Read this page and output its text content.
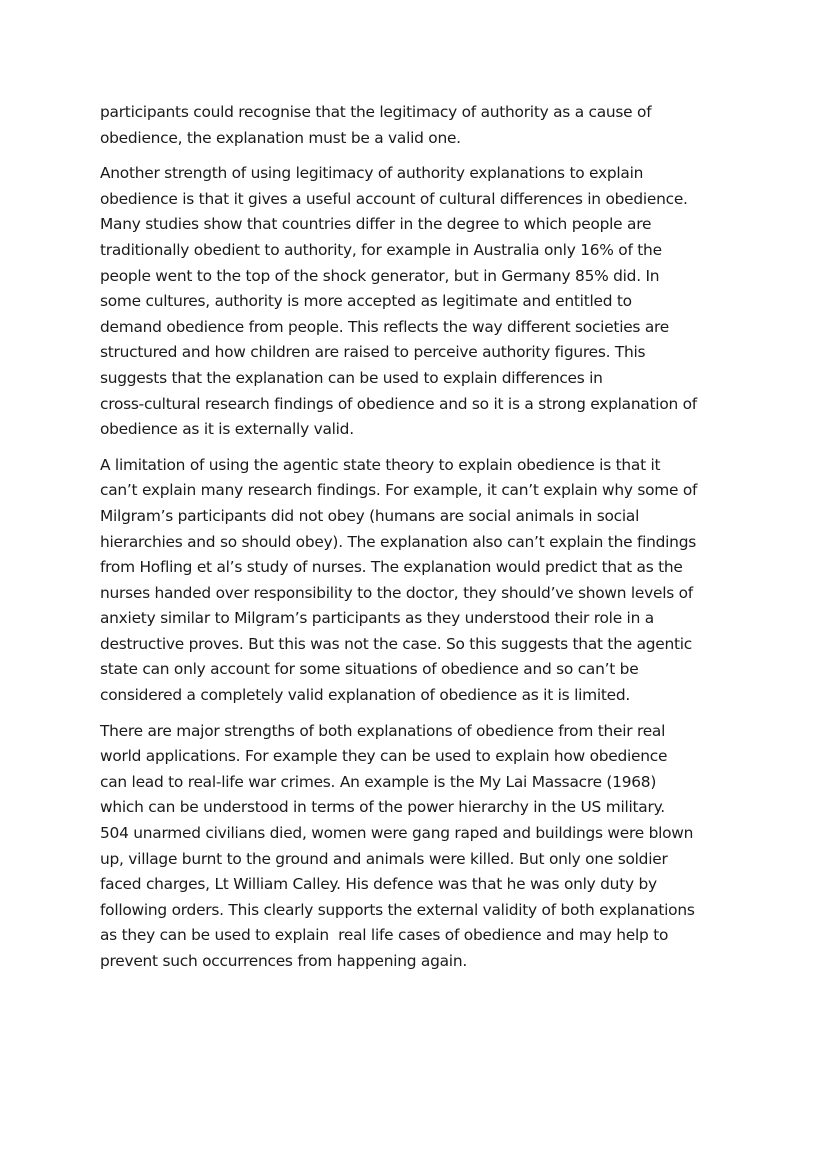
participants could recognise that the legitimacy of authority as a cause of
obedience, the explanation must be a valid one.
Another strength of using legitimacy of authority explanations to explain
obedience is that it gives a useful account of cultural differences in obedience.
Many studies show that countries differ in the degree to which people are
traditionally obedient to authority, for example in Australia only 16% of the
people went to the top of the shock generator, but in Germany 85% did. In
some cultures, authority is more accepted as legitimate and entitled to
demand obedience from people. This reflects the way different societies are
structured and how children are raised to perceive authority figures. This
suggests that the explanation can be used to explain differences in
cross-cultural research findings of obedience and so it is a strong explanation of
obedience as it is externally valid.
A limitation of using the agentic state theory to explain obedience is that it
can’t explain many research findings. For example, it can’t explain why some of
Milgram’s participants did not obey (humans are social animals in social
hierarchies and so should obey). The explanation also can’t explain the findings
from Hofling et al’s study of nurses. The explanation would predict that as the
nurses handed over responsibility to the doctor, they should’ve shown levels of
anxiety similar to Milgram’s participants as they understood their role in a
destructive proves. But this was not the case. So this suggests that the agentic
state can only account for some situations of obedience and so can’t be
considered a completely valid explanation of obedience as it is limited.
There are major strengths of both explanations of obedience from their real
world applications. For example they can be used to explain how obedience
can lead to real-life war crimes. An example is the My Lai Massacre (1968)
which can be understood in terms of the power hierarchy in the US military.
504 unarmed civilians died, women were gang raped and buildings were blown
up, village burnt to the ground and animals were killed. But only one soldier
faced charges, Lt William Calley. His defence was that he was only duty by
following orders. This clearly supports the external validity of both explanations
as they can be used to explain  real life cases of obedience and may help to
prevent such occurrences from happening again.
